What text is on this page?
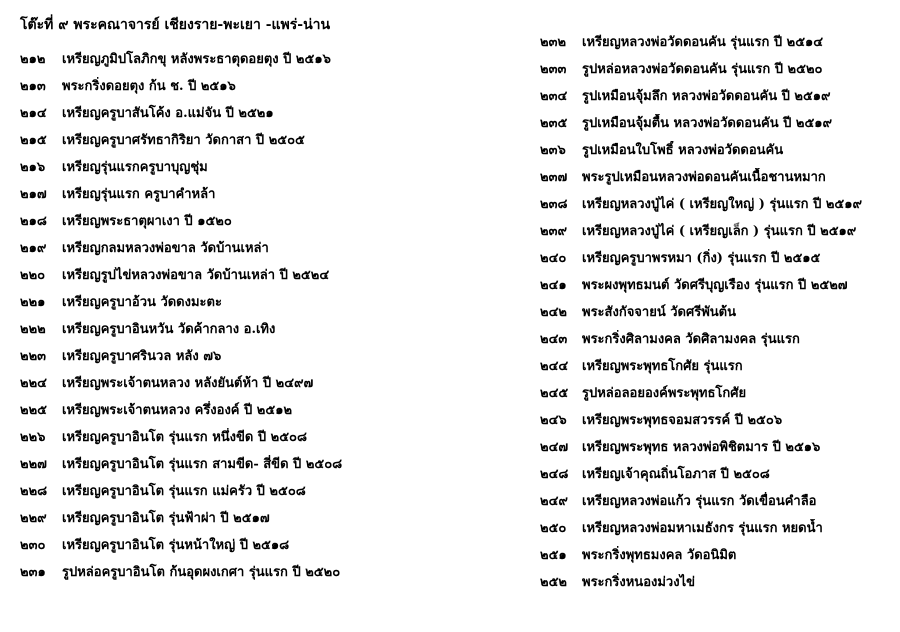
โต๊ะที่ ๙ พระคณาจารย์ เชียงราย-พะเยา -แพร่-น่าน
๒๑๒ เหรียญภูมิปโลภิกขุ หลังพระธาตุดอยตุง ปี ๒๕๑๖
๒๑๓ พระกริ่งดอยตุง ก้น ช. ปี ๒๕๑๖
๒๑๔ เหรียญครูบาสันโค้ง อ.แม่จัน ปี ๒๕๒๑
๒๑๕ เหรียญครูบาศรัทธากิริยา วัดกาสา ปี ๒๕๐๕
๒๑๖ เหรียญรุ่นแรกครูบาบุญชุ่ม
๒๑๗ เหรียญรุ่นแรก ครูบาคำหล้า
๒๑๘ เหรียญพระธาตุผาเงา ปี ๑๕๒๐
๒๑๙ เหรียญกลมหลวงพ่อขาล วัดบ้านเหล่า
๒๒๐ เหรียญรูปไข่หลวงพ่อขาล วัดบ้านเหล่า ปี ๒๕๒๔
๒๒๑ เหรียญครูบาอ้วน วัดดงมะตะ
๒๒๒ เหรียญครูบาอินหวัน วัดค้ากลาง อ.เทิง
๒๒๓ เหรียญครูบาศรินวล หลัง ๗๖
๒๒๔ เหรียญพระเจ้าตนหลวง หลังยันต์ห้า ปี ๒๔๙๗
๒๒๕ เหรียญพระเจ้าตนหลวง ครึ่งองค์ ปี ๒๕๑๒
๒๒๖ เหรียญครูบาอินโต รุ่นแรก หนึ่งขีด ปี ๒๕๐๘
๒๒๗ เหรียญครูบาอินโต รุ่นแรก สามขีด- สี่ขีด ปี ๒๕๐๘
๒๒๘ เหรียญครูบาอินโต รุ่นแรก แม่ครัว ปี ๒๕๐๘
๒๒๙ เหรียญครูบาอินโต รุ่นฟ้าผ่า ปี ๒๕๑๗
๒๓๐ เหรียญครูบาอินโต รุ่นหน้าใหญ่ ปี ๒๕๑๘
๒๓๑ รูปหล่อครูบาอินโต ก้นอุดผงเกศา รุ่นแรก ปี ๒๕๒๐
๒๓๒ เหรียญหลวงพ่อวัดดอนคัน รุ่นแรก ปี ๒๕๑๔
๒๓๓ รูปหล่อหลวงพ่อวัดดอนคัน รุ่นแรก ปี ๒๕๒๐
๒๓๔ รูปเหมือนจุ้มลึก หลวงพ่อวัดดอนคัน ปี ๒๕๑๙
๒๓๕ รูปเหมือนจุ้มตื้น หลวงพ่อวัดดอนคัน ปี ๒๕๑๙
๒๓๖ รูปเหมือนใบโพธิ์ หลวงพ่อวัดดอนคัน
๒๓๗ พระรูปเหมือนหลวงพ่อดอนคันเนื้อชานหมาก
๒๓๘ เหรียญหลวงปู่ไค่ ( เหรียญใหญ่ ) รุ่นแรก ปี ๒๕๑๙
๒๓๙ เหรียญหลวงปู่ไค่ ( เหรียญเล็ก ) รุ่นแรก ปี ๒๕๑๙
๒๔๐ เหรียญครูบาพรหมา (กิ่ง) รุ่นแรก ปี ๒๕๑๕
๒๔๑ พระผงพุทธมนต์ วัดศรีบุญเรือง รุ่นแรก ปี ๒๕๒๗
๒๔๒ พระสังกัจจายน์ วัดศรีพันต้น
๒๔๓ พระกริ่งศิลามงคล วัดศิลามงคล รุ่นแรก
๒๔๔ เหรียญพระพุทธโกศัย รุ่นแรก
๒๔๕ รูปหล่อลอยองค์พระพุทธโกศัย
๒๔๖ เหรียญพระพุทธจอมสวรรค์ ปี ๒๕๐๖
๒๔๗ เหรียญพระพุทธ หลวงพ่อพิชิตมาร ปี ๒๕๑๖
๒๔๘ เหรียญเจ้าคุณถิ่นโอภาส ปี ๒๕๐๘
๒๔๙ เหรียญหลวงพ่อแก้ว รุ่นแรก วัดเขื่อนคำลือ
๒๕๐ เหรียญหลวงพ่อมหาเมธังกร รุ่นแรก หยดน้ำ
๒๕๑ พระกริ่งพุทธมงคล วัดอนิมิต
๒๕๒ พระกริ่งหนองม่วงไข่
